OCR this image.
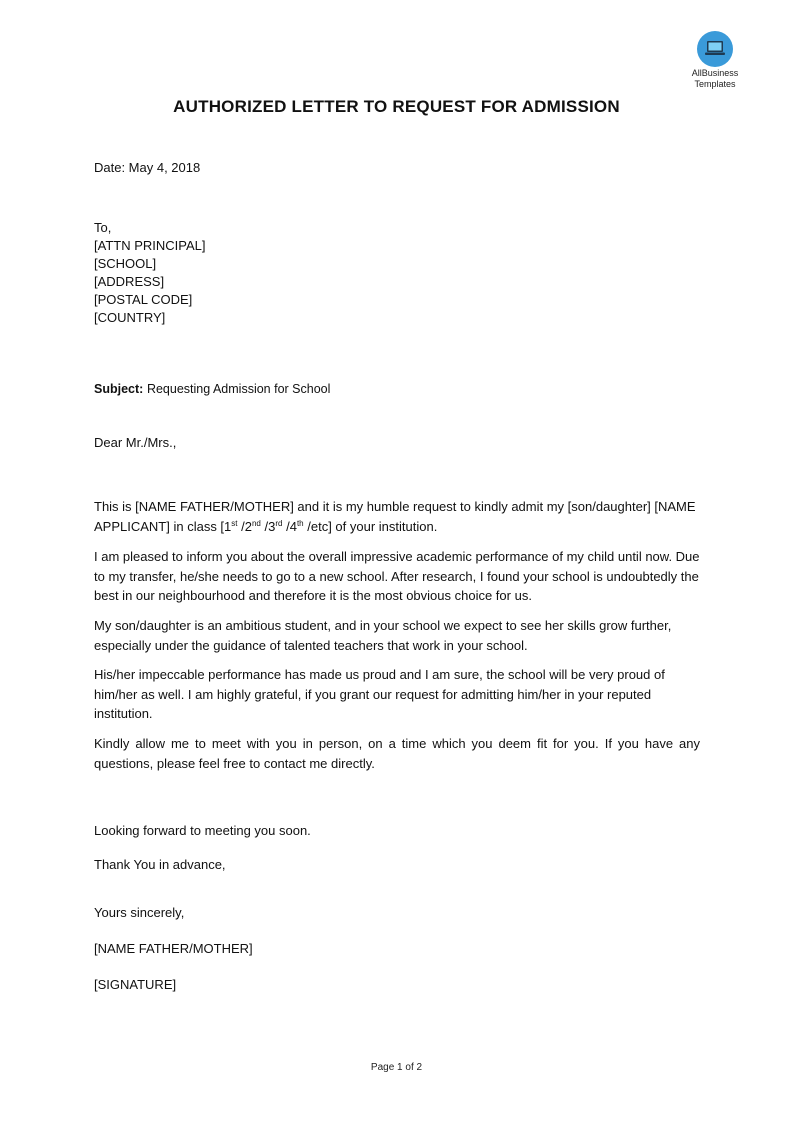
AllBusiness
Templates
AUTHORIZED LETTER TO REQUEST FOR ADMISSION
Date: May 4, 2018
To,
[ATTN PRINCIPAL]
[SCHOOL]
[ADDRESS]
[POSTAL CODE]
[COUNTRY]
Subject: Requesting Admission for School
Dear Mr./Mrs.,
This is [NAME FATHER/MOTHER] and it is my humble request to kindly admit my [son/daughter] [NAME APPLICANT] in class [1st /2nd /3rd /4th /etc] of your institution.
I am pleased to inform you about the overall impressive academic performance of my child until now. Due to my transfer, he/she needs to go to a new school. After research, I found your school is undoubtedly the best in our neighbourhood and therefore it is the most obvious choice for us.
My son/daughter is an ambitious student, and in your school we expect to see her skills grow further, especially under the guidance of talented teachers that work in your school.
His/her impeccable performance has made us proud and I am sure, the school will be very proud of him/her as well. I am highly grateful, if you grant our request for admitting him/her in your reputed institution.
Kindly allow me to meet with you in person, on a time which you deem fit for you. If you have any questions, please feel free to contact me directly.
Looking forward to meeting you soon.
Thank You in advance,
Yours sincerely,
[NAME FATHER/MOTHER]
[SIGNATURE]
Page 1 of 2
